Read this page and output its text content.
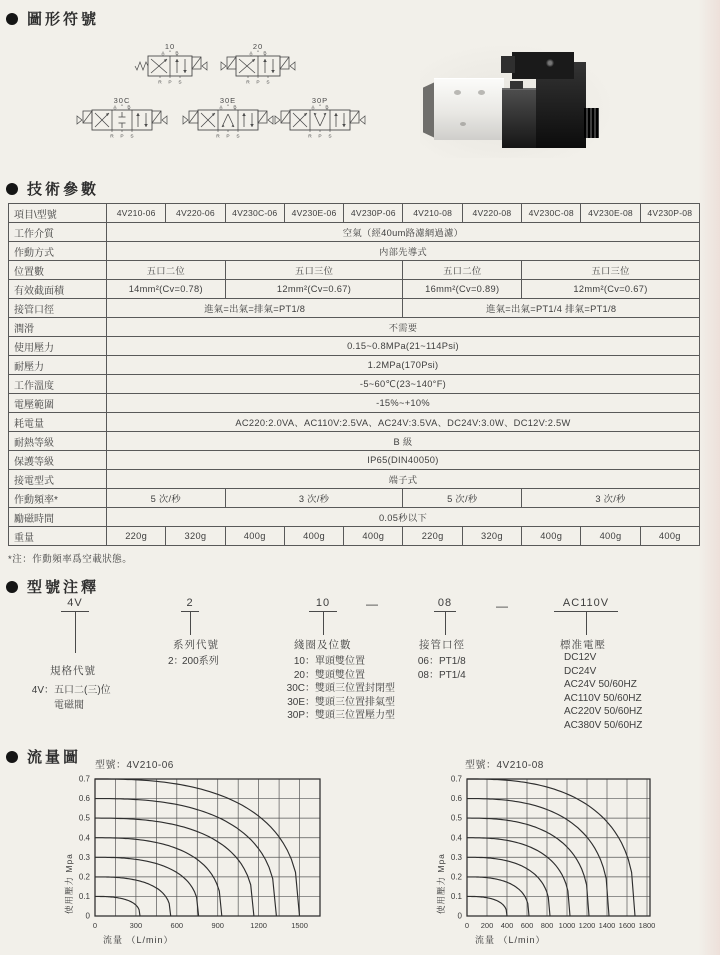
圖形符號
10
A B
R P S
20
A B
R P S
30C
A B
R P S
30E
A B
R P S
30P
A B
R P S
技術參數
項目\型號	4V210-06	4V220-06	4V230C-06	4V230E-06	4V230P-06	4V210-08	4V220-08	4V230C-08	4V230E-08	4V230P-08
工作介質	空氣（經40um路濾網過濾）									
作動方式	内部先導式									
位置數	五口二位		五口三位			五口二位		五口三位		
有效截面積	14mm²(Cv=0.78)		12mm²(Cv=0.67)			16mm²(Cv=0.89)		12mm²(Cv=0.67)		
接管口徑	進氣=出氣=排氣=PT1/8					進氣=出氣=PT1/4 排氣=PT1/8				
潤滑	不需要									
使用壓力	0.15~0.8MPa(21~114Psi)									
耐壓力	1.2MPa(170Psi)									
工作溫度	-5~60℃(23~140°F)									
電壓範圍	-15%~+10%									
耗電量	AC220:2.0VA、AC110V:2.5VA、AC24V:3.5VA、DC24V:3.0W、DC12V:2.5W									
耐熱等級	B 級									
保護等級	IP65(DIN40050)									
接電型式	端子式									
作動頻率*	5 次/秒		3 次/秒			5 次/秒		3 次/秒		
勵磁時間	0.05秒以下									
重量	220g	320g	400g	400g	400g	220g	320g	400g	400g	400g
*注：作動頻率爲空載狀態。
型號注釋
4V	2	10	08	AC110V
—	—
規格代號
4V：五口二(三)位
電磁閥
系列代號
2：200系列
綫圈及位數
10：單頭雙位置
20：雙頭雙位置
30C：雙頭三位置封閉型
30E：雙頭三位置排氣型
30P：雙頭三位置壓力型
接管口徑
06：PT1/8
08：PT1/4
標准電壓
DC12V
DC24V
AC24V 50/60HZ
AC110V 50/60HZ
AC220V 50/60HZ
AC380V 50/60HZ
流量圖 型號：4V210-06
0
0.1
0.2
0.3
0.4
0.5
0.6
0.7
0	300	600	900	1200	1500
使用壓力 Mpa
流量 （L/min）
型號：4V210-08
0
0.1
0.2
0.3
0.4
0.5
0.6
0.7
0 200 400 600 800 1000 1200 1400 1600 1800
使用壓力 Mpa
流量 （L/min）
